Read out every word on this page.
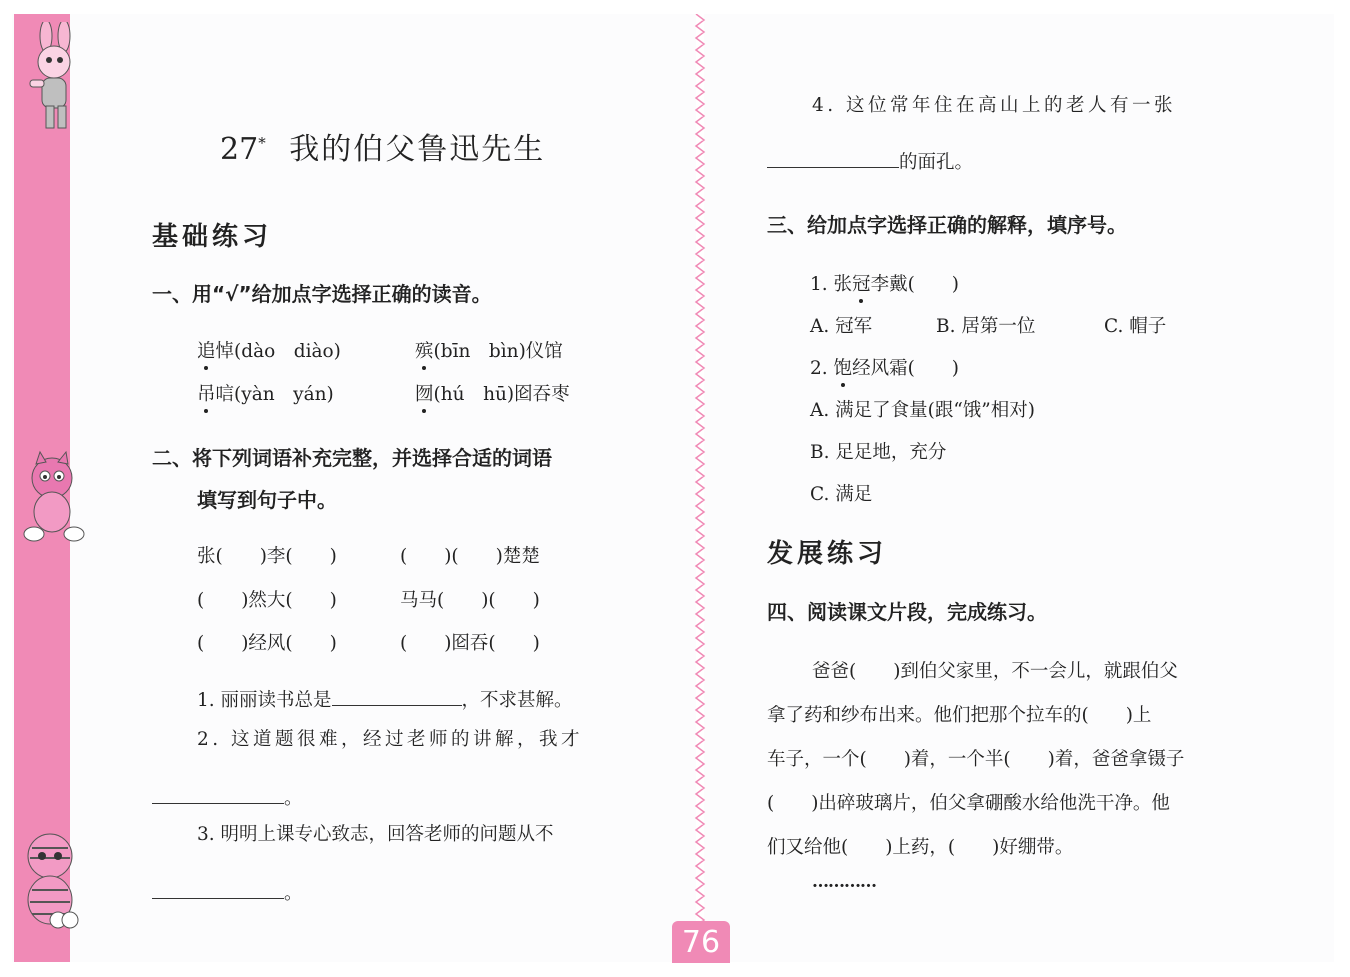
27* 我的伯父鲁迅先生
基础练习
一、用“√”给加点字选择正确的读音。
追悼(dào　diào)	殡(bīn　bìn)仪馆
吊唁(yàn　yán)	囫(hú　hū)囵吞枣
二、将下列词语补充完整，并选择合适的词语
填写到句子中。
张(　　)李(　　)	(　　)(　　)楚楚
(　　)然大(　　)	马马(　　)(　　)
(　　)经风(　　)	(　　)囵吞(　　)
1. 丽丽读书总是	，不求甚解。
2. 这道题很难，经过老师的讲解，我才
。
3. 明明上课专心致志，回答老师的问题从不
。
4. 这位常年住在高山上的老人有一张
的面孔。
三、给加点字选择正确的解释，填序号。
1. 张冠李戴(　　)
A. 冠军	B. 居第一位	C. 帽子
2. 饱经风霜(　　)
A. 满足了食量(跟“饿”相对)
B. 足足地，充分
C. 满足
发展练习
四、阅读课文片段，完成练习。
爸爸(　　)到伯父家里，不一会儿，就跟伯父
拿了药和纱布出来。他们把那个拉车的(　　)上
车子，一个(　　)着，一个半(　　)着，爸爸拿镊子
(　　)出碎玻璃片，伯父拿硼酸水给他洗干净。他
们又给他(　　)上药，(　　)好绷带。
…………
76
